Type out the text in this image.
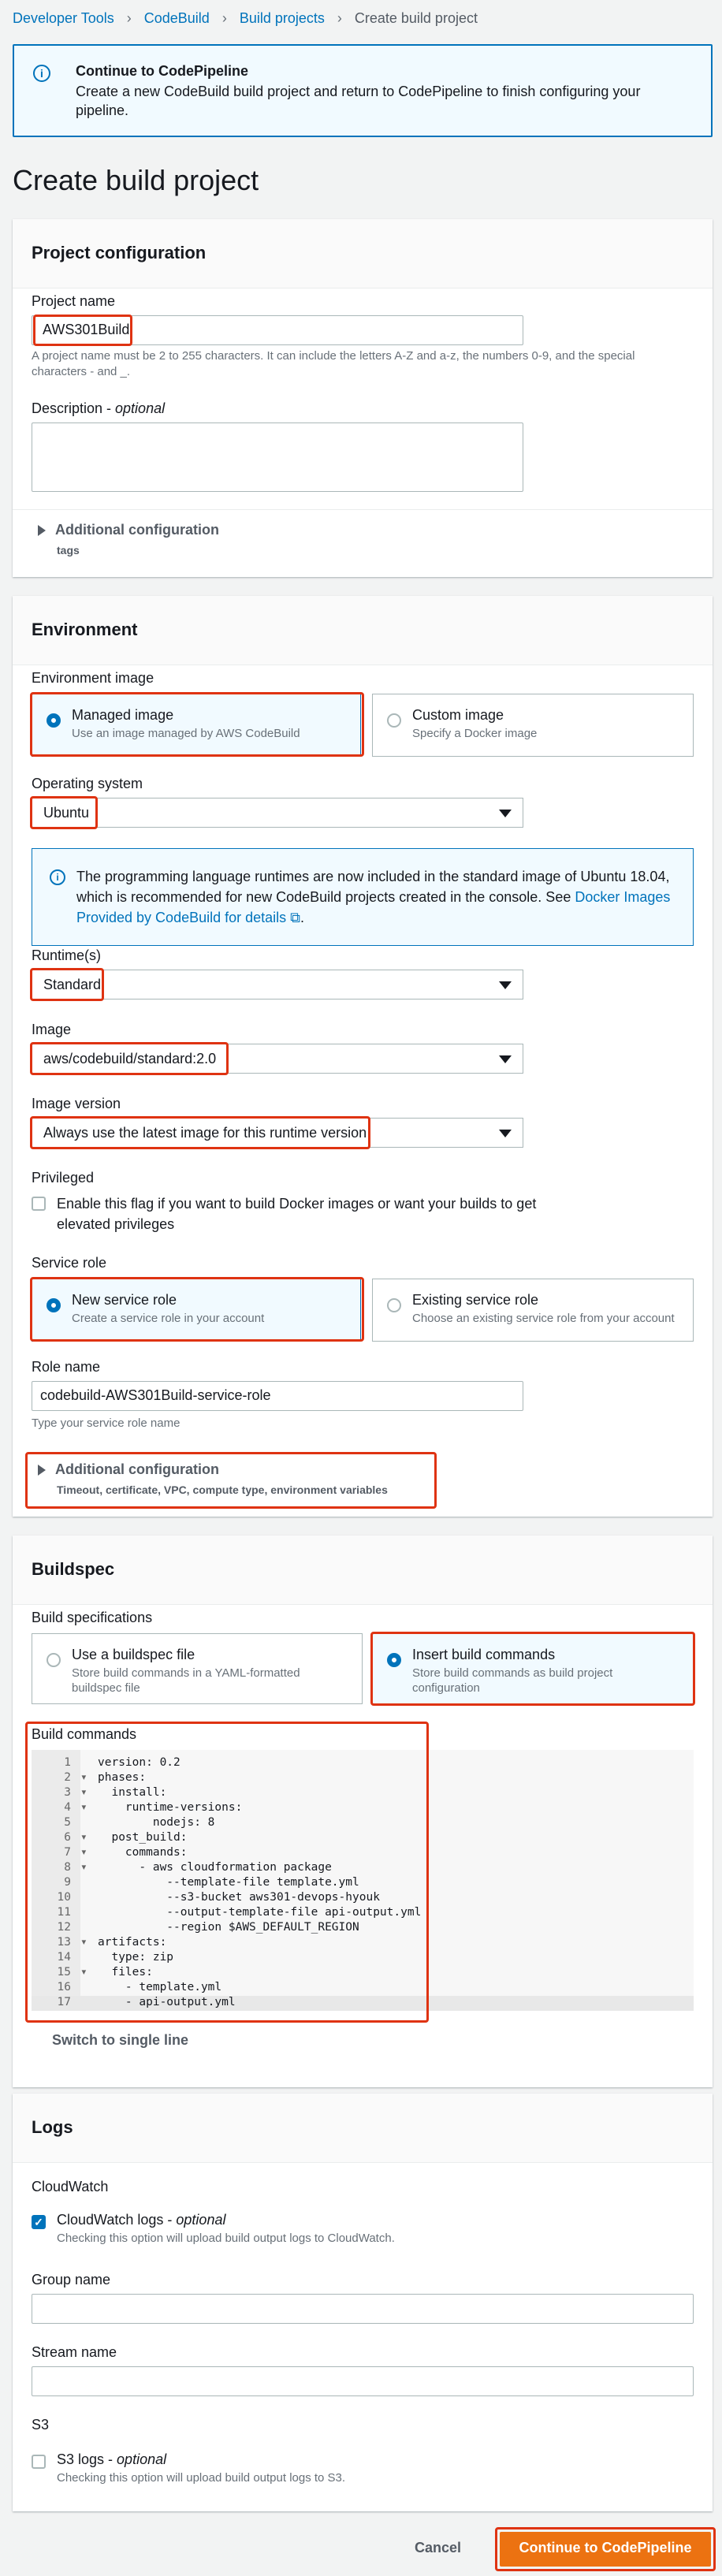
Developer Tools › CodeBuild › Build projects › Create build project
i	Continue to CodePipeline
Create a new CodeBuild build project and return to CodePipeline to finish configuring your pipeline.
Create build project
Project configuration
Project name
AWS301Build
A project name must be 2 to 255 characters. It can include the letters A-Z and a-z, the numbers 0-9, and the special characters - and _.
Description - optional
Additional configuration
tags
Environment
Environment image
Managed image
Use an image managed by AWS CodeBuild
Custom image
Specify a Docker image
Operating system
Ubuntu
i	The programming language runtimes are now included in the standard image of Ubuntu 18.04, which is recommended for new CodeBuild projects created in the console. See Docker Images Provided by CodeBuild for details ⧉.
Runtime(s)
Standard
Image
aws/codebuild/standard:2.0
Image version
Always use the latest image for this runtime version
Privileged
Enable this flag if you want to build Docker images or want your builds to get elevated privileges
Service role
New service role
Create a service role in your account
Existing service role
Choose an existing service role from your account
Role name
codebuild-AWS301Build-service-role
Type your service role name
Additional configuration
Timeout, certificate, VPC, compute type, environment variables
Buildspec
Build specifications
Use a buildspec file
Store build commands in a YAML-formatted buildspec file
Insert build commands
Store build commands as build project configuration
Build commands
1	version: 0.2
2 ▾ phases:
3 ▾ install:
4 ▾ runtime-versions:
5	nodejs: 8
6 ▾ post_build:
7 ▾ commands:
8 ▾ - aws cloudformation package
9	--template-file template.yml
10	--s3-bucket aws301-devops-hyouk
11	--output-template-file api-output.yml
12	--region $AWS_DEFAULT_REGION
13 ▾ artifacts:
14	type: zip
15 ▾ files:
16	- template.yml
17	- api-output.yml
Switch to single line
Logs
CloudWatch
✓ CloudWatch logs - optional
Checking this option will upload build output logs to CloudWatch.
Group name
Stream name
S3
S3 logs - optional
Checking this option will upload build output logs to S3.
Cancel	Continue to CodePipeline
